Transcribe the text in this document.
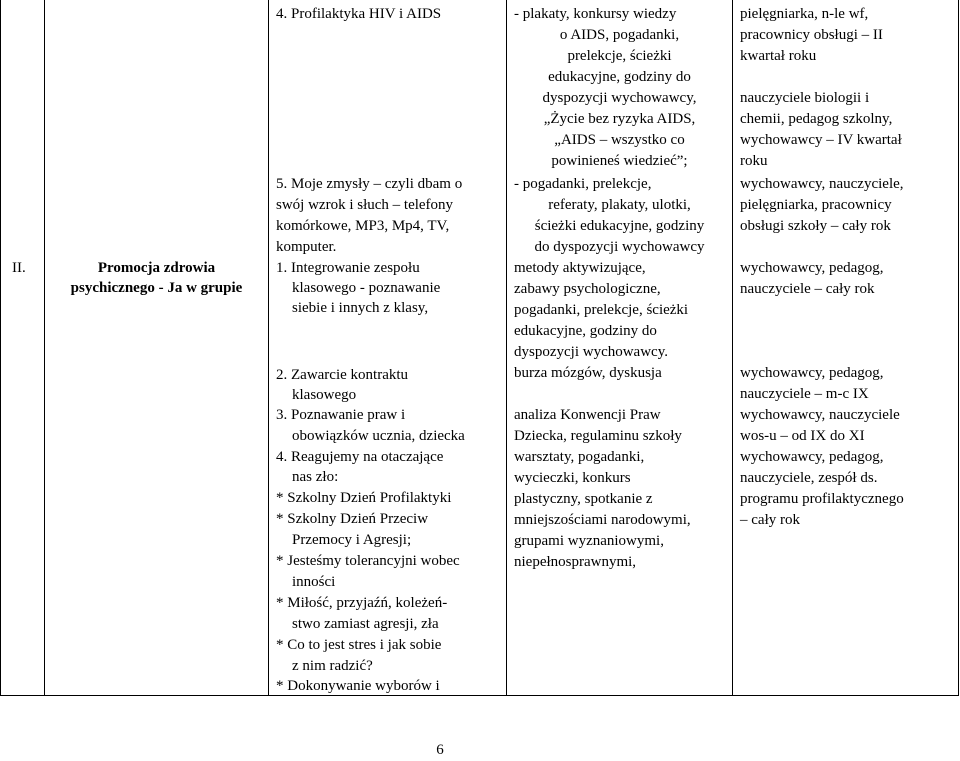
II.	Promocja zdrowia
psychicznego - Ja w grupie
4. Profilaktyka HIV i AIDS
5. Moje zmysły – czyli dbam o
swój wzrok i słuch – telefony
komórkowe, MP3, Mp4, TV,
komputer.
1. Integrowanie zespołu
klasowego - poznawanie
siebie i innych z klasy,
2. Zawarcie kontraktu
klasowego
3. Poznawanie praw i
obowiązków ucznia, dziecka
4. Reagujemy na otaczające
nas zło:
* Szkolny Dzień Profilaktyki
* Szkolny Dzień Przeciw
Przemocy i Agresji;
* Jesteśmy tolerancyjni wobec
inności
* Miłość, przyjaźń, koleżeń-
stwo zamiast agresji, zła
* Co to jest stres i jak sobie
z nim radzić?
* Dokonywanie wyborów i
- plakaty, konkursy wiedzy
o AIDS, pogadanki,
prelekcje, ścieżki
edukacyjne, godziny do
dyspozycji wychowawcy,
„Życie bez ryzyka AIDS,
„AIDS – wszystko co
powinieneś wiedzieć”;
- pogadanki, prelekcje,
referaty, plakaty, ulotki,
ścieżki edukacyjne, godziny
do dyspozycji wychowawcy
metody aktywizujące,
zabawy psychologiczne,
pogadanki, prelekcje, ścieżki
edukacyjne, godziny do
dyspozycji wychowawcy.
burza mózgów, dyskusja
analiza Konwencji Praw
Dziecka, regulaminu szkoły
warsztaty, pogadanki,
wycieczki, konkurs
plastyczny, spotkanie z
mniejszościami narodowymi,
grupami wyznaniowymi,
niepełnosprawnymi,
pielęgniarka, n-le wf,
pracownicy obsługi – II
kwartał roku
nauczyciele biologii i
chemii, pedagog szkolny,
wychowawcy – IV kwartał
roku
wychowawcy, nauczyciele,
pielęgniarka, pracownicy
obsługi szkoły – cały rok
wychowawcy, pedagog,
nauczyciele – cały rok
wychowawcy, pedagog,
nauczyciele – m-c IX
wychowawcy, nauczyciele
wos-u – od IX do XI
wychowawcy, pedagog,
nauczyciele, zespół ds.
programu profilaktycznego
– cały rok
6
